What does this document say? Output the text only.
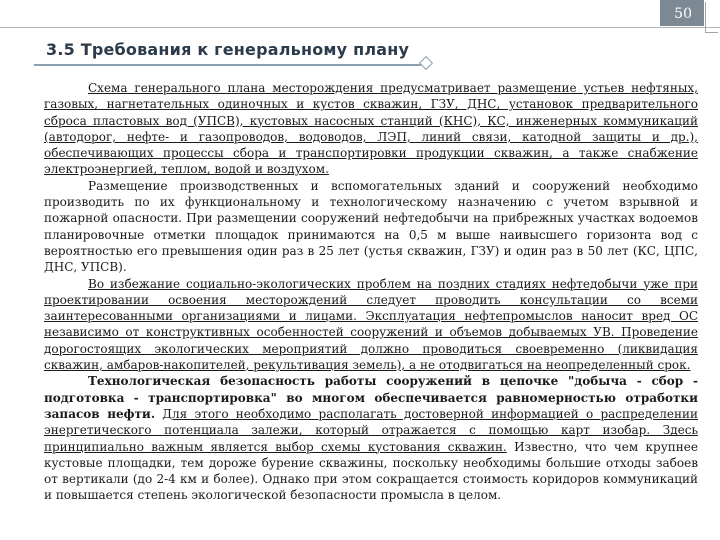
50
3.5 Требования к генеральному плану

Схема генерального плана месторождения предусматривает размещение устьев нефтяных, газовых, нагнетательных одиночных и кустов скважин, ГЗУ, ДНС, установок предварительного сброса пластовых вод (УПСВ), кустовых насосных станций (КНС), КС, инженерных коммуникаций (автодорог, нефте- и газопроводов, водоводов, ЛЭП, линий связи, катодной защиты и др.), обеспечивающих процессы сбора и транспортировки продукции скважин, а также снабжение электроэнергией, теплом, водой и воздухом.

Размещение производственных и вспомогательных зданий и сооружений необходимо производить по их функциональному и технологическому назначению с учетом взрывной и пожарной опасности. При размещении сооружений нефтедобычи на прибрежных участках водоемов планировочные отметки площадок принимаются на 0,5 м выше наивысшего горизонта вод с вероятностью его превышения один раз в 25 лет (устья скважин, ГЗУ) и один раз в 50 лет (КС, ЦПС, ДНС, УПСВ).

Во избежание социально-экологических проблем на поздних стадиях нефтедобычи уже при проектировании освоения месторождений следует проводить консультации со всеми заинтересованными организациями и лицами. Эксплуатация нефтепромыслов наносит вред ОС независимо от конструктивных особенностей сооружений и объемов добываемых УВ. Проведение дорогостоящих экологических мероприятий должно проводиться своевременно (ликвидация скважин, амбаров-накопителей, рекультивация земель), а не отодвигаться на неопределенный срок.

Технологическая безопасность работы сооружений в цепочке "добыча - сбор - подготовка - транспортировка" во многом обеспечивается равномерностью отработки запасов нефти. Для этого необходимо располагать достоверной информацией о распределении энергетического потенциала залежи, который отражается с помощью карт изобар. Здесь принципиально важным является выбор схемы кустования скважин. Известно, что чем крупнее кустовые площадки, тем дороже бурение скважины, поскольку необходимы большие отходы забоев от вертикали (до 2-4 км и более). Однако при этом сокращается стоимость коридоров коммуникаций и повышается степень экологической безопасности промысла в целом.
